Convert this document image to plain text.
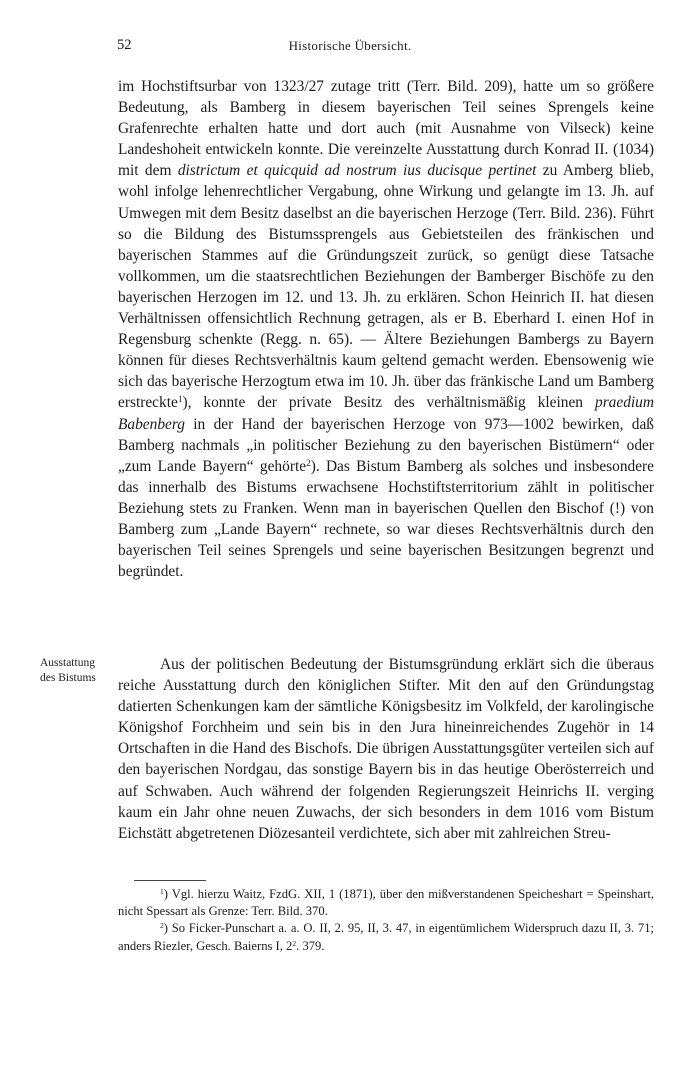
52	Historische Übersicht.

im Hochstiftsurbar von 1323/27 zutage tritt (Terr. Bild. 209), hatte um so größere Bedeutung, als Bamberg in diesem bayerischen Teil seines Sprengels keine Grafenrechte erhalten hatte und dort auch (mit Ausnahme von Vilseck) keine Landeshoheit entwickeln konnte. Die vereinzelte Ausstattung durch Konrad II. (1034) mit dem districtum et quicquid ad nostrum ius ducisque pertinet zu Amberg blieb, wohl infolge lehenrechtlicher Vergabung, ohne Wirkung und gelangte im 13. Jh. auf Umwegen mit dem Besitz daselbst an die bayerischen Herzoge (Terr. Bild. 236). Führt so die Bildung des Bistumssprengels aus Gebietsteilen des fränkischen und bayerischen Stammes auf die Gründungszeit zurück, so genügt diese Tatsache vollkommen, um die staatsrechtlichen Beziehungen der Bamberger Bischöfe zu den bayerischen Herzogen im 12. und 13. Jh. zu erklären. Schon Heinrich II. hat diesen Verhältnissen offensichtlich Rechnung getragen, als er B. Eberhard I. einen Hof in Regensburg schenkte (Regg. n. 65). — Ältere Beziehungen Bambergs zu Bayern können für dieses Rechtsverhältnis kaum geltend gemacht werden. Ebensowenig wie sich das bayerische Herzogtum etwa im 10. Jh. über das fränkische Land um Bamberg erstreckte$^1$), konnte der private Besitz des verhältnismäßig kleinen praedium Babenberg in der Hand der bayerischen Herzoge von 973—1002 bewirken, daß Bamberg nachmals „in politischer Beziehung zu den bayerischen Bistümern“ oder „zum Lande Bayern“ gehörte$^2$). Das Bistum Bamberg als solches und insbesondere das innerhalb des Bistums erwachsene Hochstiftsterritorium zählt in politischer Beziehung stets zu Franken. Wenn man in bayerischen Quellen den Bischof (!) von Bamberg zum „Lande Bayern“ rechnete, so war dieses Rechtsverhältnis durch den bayerischen Teil seines Sprengels und seine bayerischen Besitzungen begrenzt und begründet.

Ausstattung
des Bistums

Aus der politischen Bedeutung der Bistumsgründung erklärt sich die überaus reiche Ausstattung durch den königlichen Stifter. Mit den auf den Gründungstag datierten Schenkungen kam der sämtliche Königsbesitz im Volkfeld, der karolingische Königshof Forchheim und sein bis in den Jura hineinreichendes Zugehör in 14 Ortschaften in die Hand des Bischofs. Die übrigen Ausstattungsgüter verteilen sich auf den bayerischen Nordgau, das sonstige Bayern bis in das heutige Oberösterreich und auf Schwaben. Auch während der folgenden Regierungszeit Heinrichs II. verging kaum ein Jahr ohne neuen Zuwachs, der sich besonders in dem 1016 vom Bistum Eichstätt abgetretenen Diözesanteil verdichtete, sich aber mit zahlreichen Streu-

$^1$) Vgl. hierzu Waitz, FzdG. XII, 1 (1871), über den mißverstandenen Speicheshart = Speinshart, nicht Spessart als Grenze: Terr. Bild. 370.

$^2$) So Ficker-Punschart a. a. O. II, 2. 95, II, 3. 47, in eigentümlichem Widerspruch dazu II, 3. 71; anders Riezler, Gesch. Baierns I, $2^2$. 379.
